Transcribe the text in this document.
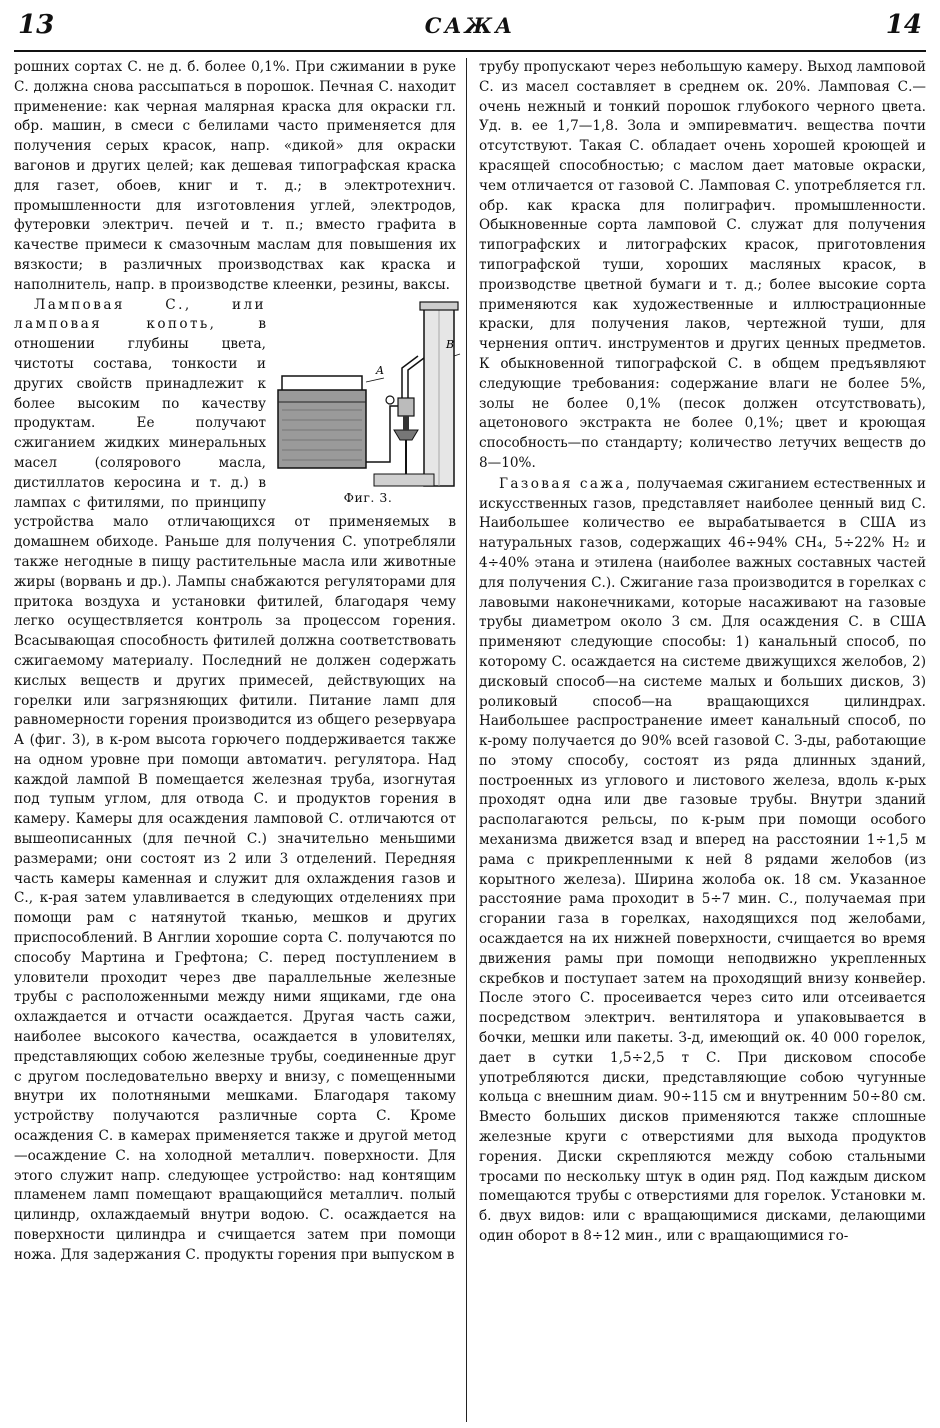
13	САЖА	14

рошних сортах С. не д. б. более 0,1%. При сжимании в руке С. должна снова рассыпаться в порошок. Печная С. находит применение: как черная малярная краска для окраски гл. обр. машин, в смеси с белилами часто применяется для получения серых красок, напр. «дикой» для окраски вагонов и других целей; как дешевая типографская краска для газет, обоев, книг и т. д.; в электротехнич. промышленности для изготовления углей, электродов, футеровки электрич. печей и т. п.; вместо графита в качестве примеси к смазочным маслам для повышения их вязкости; в различных производствах как краска и наполнитель, напр. в производстве клеенки, резины, ваксы.

A
B
Фиг. 3.

Ламповая С., или ламповая копоть, в отношении глубины цвета, чистоты состава, тонкости и других свойств принадлежит к более высоким по качеству продуктам. Ее получают сжиганием жидких минеральных масел (солярового масла, дистиллатов керосина и т. д.) в лампах с фитилями, по принципу устройства мало отличающихся от применяемых в домашнем обиходе. Раньше для получения С. употребляли также негодные в пищу растительные масла или животные жиры (ворвань и др.). Лампы снабжаются регуляторами для притока воздуха и установки фитилей, благодаря чему легко осуществляется контроль за процессом горения. Всасывающая способность фитилей должна соответствовать сжигаемому материалу. Последний не должен содержать кислых веществ и других примесей, действующих на горелки или загрязняющих фитили. Питание ламп для равномерности горения производится из общего резервуара A (фиг. 3), в к-ром высота горючего поддерживается также на одном уровне при помощи автоматич. регулятора. Над каждой лампой B помещается железная труба, изогнутая под тупым углом, для отвода С. и продуктов горения в камеру. Камеры для осаждения ламповой С. отличаются от вышеописанных (для печной С.) значительно меньшими размерами; они состоят из 2 или 3 отделений. Передняя часть камеры каменная и служит для охлаждения газов и С., к-рая затем улавливается в следующих отделениях при помощи рам с натянутой тканью, мешков и других приспособлений. В Англии хорошие сорта С. получаются по способу Мартина и Грефтона; С. перед поступлением в уловители проходит через две параллельные железные трубы с расположенными между ними ящиками, где она охлаждается и отчасти осаждается. Другая часть сажи, наиболее высокого качества, осаждается в уловителях, представляющих собою железные трубы, соединенные друг с другом последовательно вверху и внизу, с помещенными внутри их полотняными мешками. Благодаря такому устройству получаются различные сорта С. Кроме осаждения С. в камерах применяется также и другой метод—осаждение С. на холодной металлич. поверхности. Для этого служит напр. следующее устройство: над контящим пламенем ламп помещают вращающийся металлич. полый цилиндр, охлаждаемый внутри водою. С. осаждается на поверхности цилиндра и счищается затем при помощи ножа. Для задержания С. продукты горения при выпуском в

трубу пропускают через небольшую камеру. Выход ламповой С. из масел составляет в среднем ок. 20%. Ламповая С.—очень нежный и тонкий порошок глубокого черного цвета. Уд. в. ее 1,7—1,8. Зола и эмпиревматич. вещества почти отсутствуют. Такая С. обладает очень хорошей кроющей и красящей способностью; с маслом дает матовые окраски, чем отличается от газовой С. Ламповая С. употребляется гл. обр. как краска для полиграфич. промышленности. Обыкновенные сорта ламповой С. служат для получения типографских и литографских красок, приготовления типографской туши, хороших масляных красок, в производстве цветной бумаги и т. д.; более высокие сорта применяются как художественные и иллюстрационные краски, для получения лаков, чертежной туши, для чернения оптич. инструментов и других ценных предметов. К обыкновенной типографской С. в общем предъявляют следующие требования: содержание влаги не более 5%, золы не более 0,1% (песок должен отсутствовать), ацетонового экстракта не более 0,1%; цвет и кроющая способность—по стандарту; количество летучих веществ до 8—10%.

Газовая сажа, получаемая сжиганием естественных и искусственных газов, представляет наиболее ценный вид С. Наибольшее количество ее вырабатывается в США из натуральных газов, содержащих 46÷94% CH₄, 5÷22% H₂ и 4÷40% этана и этилена (наиболее важных составных частей для получения С.). Сжигание газа производится в горелках с лавовыми наконечниками, которые насаживают на газовые трубы диаметром около 3 см. Для осаждения С. в США применяют следующие способы: 1) канальный способ, по которому С. осаждается на системе движущихся желобов, 2) дисковый способ—на системе малых и больших дисков, 3) роликовый способ—на вращающихся цилиндрах. Наибольшее распространение имеет канальный способ, по к-рому получается до 90% всей газовой С. З-ды, работающие по этому способу, состоят из ряда длинных зданий, построенных из углового и листового железа, вдоль к-рых проходят одна или две газовые трубы. Внутри зданий располагаются рельсы, по к-рым при помощи особого механизма движется взад и вперед на расстоянии 1÷1,5 м рама с прикрепленными к ней 8 рядами желобов (из корытного железа). Ширина жолоба ок. 18 см. Указанное расстояние рама проходит в 5÷7 мин. С., получаемая при сгорании газа в горелках, находящихся под желобами, осаждается на их нижней поверхности, счищается во время движения рамы при помощи неподвижно укрепленных скребков и поступает затем на проходящий внизу конвейер. После этого С. просеивается через сито или отсеивается посредством электрич. вентилятора и упаковывается в бочки, мешки или пакеты. З-д, имеющий ок. 40 000 горелок, дает в сутки 1,5÷2,5 т С. При дисковом способе употребляются диски, представляющие собою чугунные кольца с внешним диам. 90÷115 см и внутренним 50÷80 см. Вместо больших дисков применяются также сплошные железные круги с отверстиями для выхода продуктов горения. Диски скрепляются между собою стальными тросами по нескольку штук в один ряд. Под каждым диском помещаются трубы с отверстиями для горелок. Установки м. б. двух видов: или с вращающимися дисками, делающими один оборот в 8÷12 мин., или с вращающимися го-
